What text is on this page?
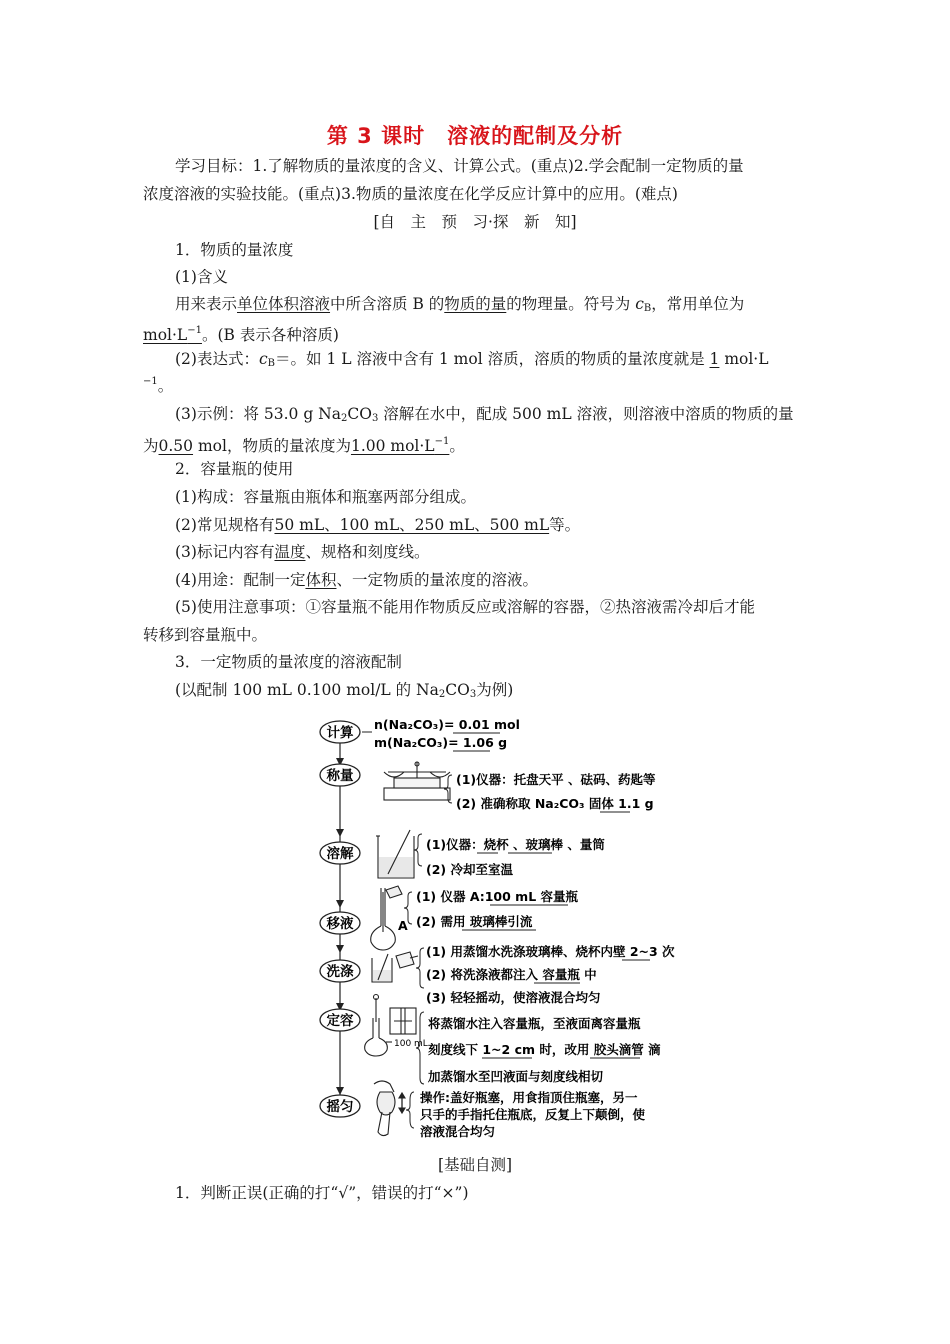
第 3 课时　溶液的配制及分析
学习目标：1.了解物质的量浓度的含义、计算公式。(重点)2.学会配制一定物质的量
浓度溶液的实验技能。(重点)3.物质的量浓度在化学反应计算中的应用。(难点)
[自　主　预　习·探　新　知]
1．物质的量浓度
(1)含义
用来表示单位体积溶液中所含溶质 B 的物质的量的物理量。符号为 $c_B$，常用单位为
$mol\cdot L^{-1}$。(B 表示各种溶质)
(2)表达式：$c_B=$。如 1 L 溶液中含有 1 mol 溶质，溶质的物质的量浓度就是 1 mol·L
$^{-1}$。
(3)示例：将 53.0 g $Na_2CO_3$ 溶解在水中，配成 500 mL 溶液，则溶液中溶质的物质的量
为0.50 mol，物质的量浓度为1.00 $mol\cdot L^{-1}$。
2．容量瓶的使用
(1)构成：容量瓶由瓶体和瓶塞两部分组成。
(2)常见规格有50 mL、100 mL、250 mL、500 mL等。
(3)标记内容有温度、规格和刻度线。
(4)用途：配制一定体积、一定物质的量浓度的溶液。
(5)使用注意事项：①容量瓶不能用作物质反应或溶解的容器，②热溶液需冷却后才能
转移到容量瓶中。
3．一定物质的量浓度的溶液配制
(以配制 100 mL 0.100 mol/L 的 $Na_2CO_3$为例)
计算
称量
溶解
移液
洗涤
定容
摇匀
n(Na₂CO₃)= 0.01 mol
m(Na₂CO₃)= 1.06 g
(1)仪器：托盘天平 、砝码、药匙等
(2) 准确称取 Na₂CO₃ 固体 1.1 g
(1)仪器：烧杯 、玻璃棒 、量筒
(2) 冷却至室温
A
(1) 仪器 A:100 mL 容量瓶
(2) 需用 玻璃棒引流
(1) 用蒸馏水洗涤玻璃棒、烧杯内壁 2~3 次
(2) 将洗涤液都注入 容量瓶 中
(3) 轻轻摇动，使溶液混合均匀
100 mL
将蒸馏水注入容量瓶，至液面离容量瓶
刻度线下 1~2 cm 时，改用 胶头滴管 滴
加蒸馏水至凹液面与刻度线相切
操作:盖好瓶塞，用食指顶住瓶塞，另一
只手的手指托住瓶底，反复上下颠倒，使
溶液混合均匀
[基础自测]
1．判断正误(正确的打“√”，错误的打“×”)
